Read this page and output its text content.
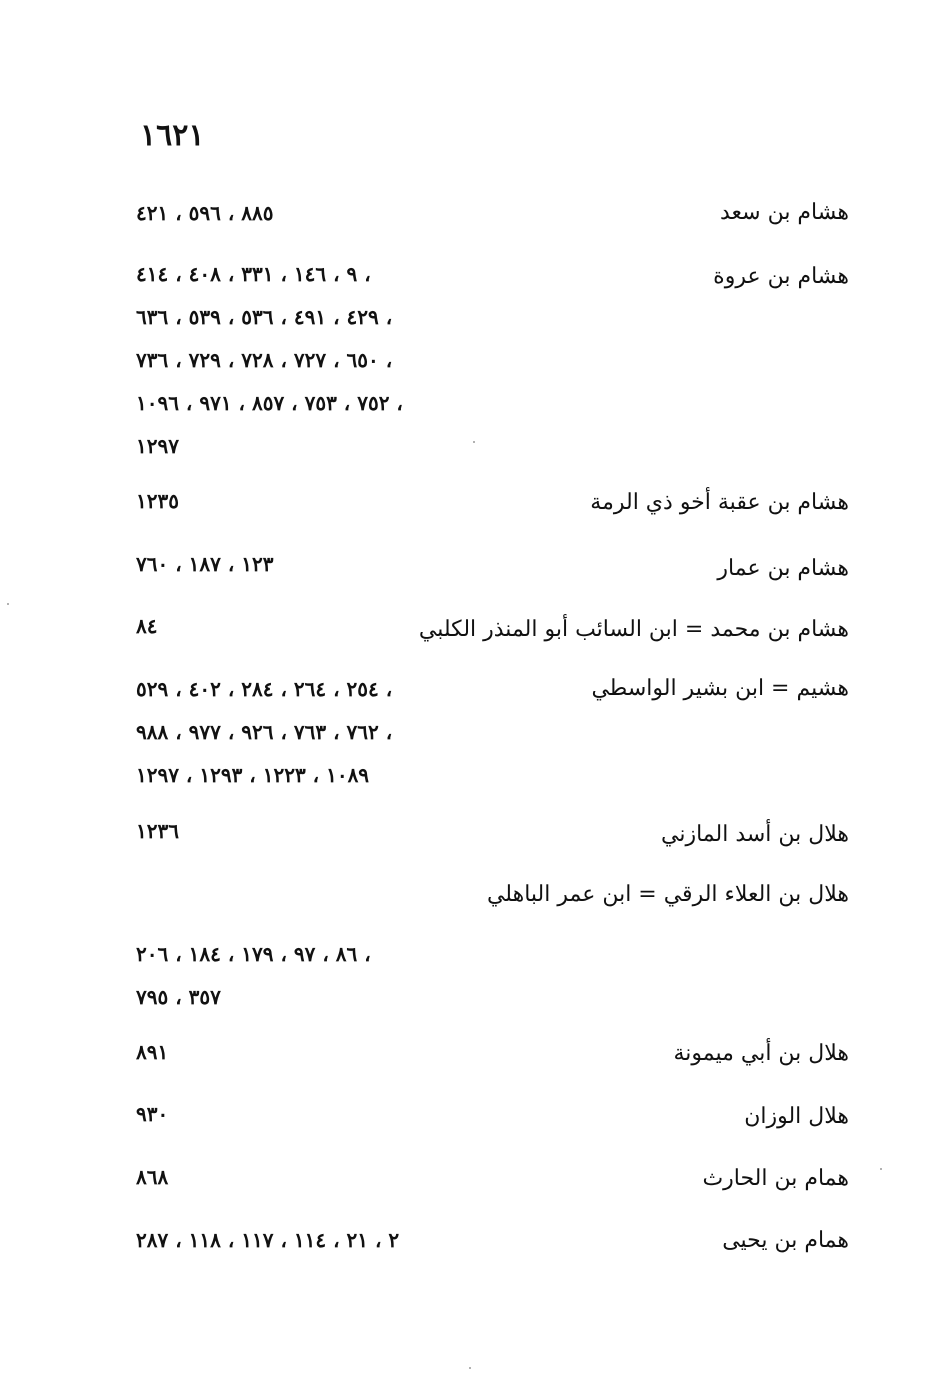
١٦٢١
هشام بن سعد
٨٨٥ ، ٥٩٦ ، ٤٢١
هشام بن عروة
٩ ، ١٤٦ ، ٣٣١ ، ٤٠٨ ، ٤١٤ ،
٤٢٩ ، ٤٩١ ، ٥٣٦ ، ٥٣٩ ، ٦٣٦ ،
٦٥٠ ، ٧٢٧ ، ٧٢٨ ، ٧٢٩ ، ٧٣٦ ،
٧٥٢ ، ٧٥٣ ، ٨٥٧ ، ٩٧١ ، ١٠٩٦ ،
١٢٩٧
هشام بن عقبة أخو ذي الرمة
١٢٣٥
هشام بن عمار
١٢٣ ، ١٨٧ ، ٧٦٠
هشام بن محمد = ابن السائب أبو المنذر الكلبي
٨٤
هشيم = ابن بشير الواسطي
٢٥٤ ، ٢٦٤ ، ٢٨٤ ، ٤٠٢ ، ٥٢٩ ،
٧٦٢ ، ٧٦٣ ، ٩٢٦ ، ٩٧٧ ، ٩٨٨ ،
١٠٨٩ ، ١٢٢٣ ، ١٢٩٣ ، ١٢٩٧
هلال بن أسد المازني
١٢٣٦
هلال بن العلاء الرقي = ابن عمر الباهلي
٨٦ ، ٩٧ ، ١٧٩ ، ١٨٤ ، ٢٠٦ ،
٣٥٧ ، ٧٩٥
هلال بن أبي ميمونة
٨٩١
هلال الوزان
٩٣٠
همام بن الحارث
٨٦٨
همام بن يحيى
٢ ، ٢١ ، ١١٤ ، ١١٧ ، ١١٨ ، ٢٨٧
